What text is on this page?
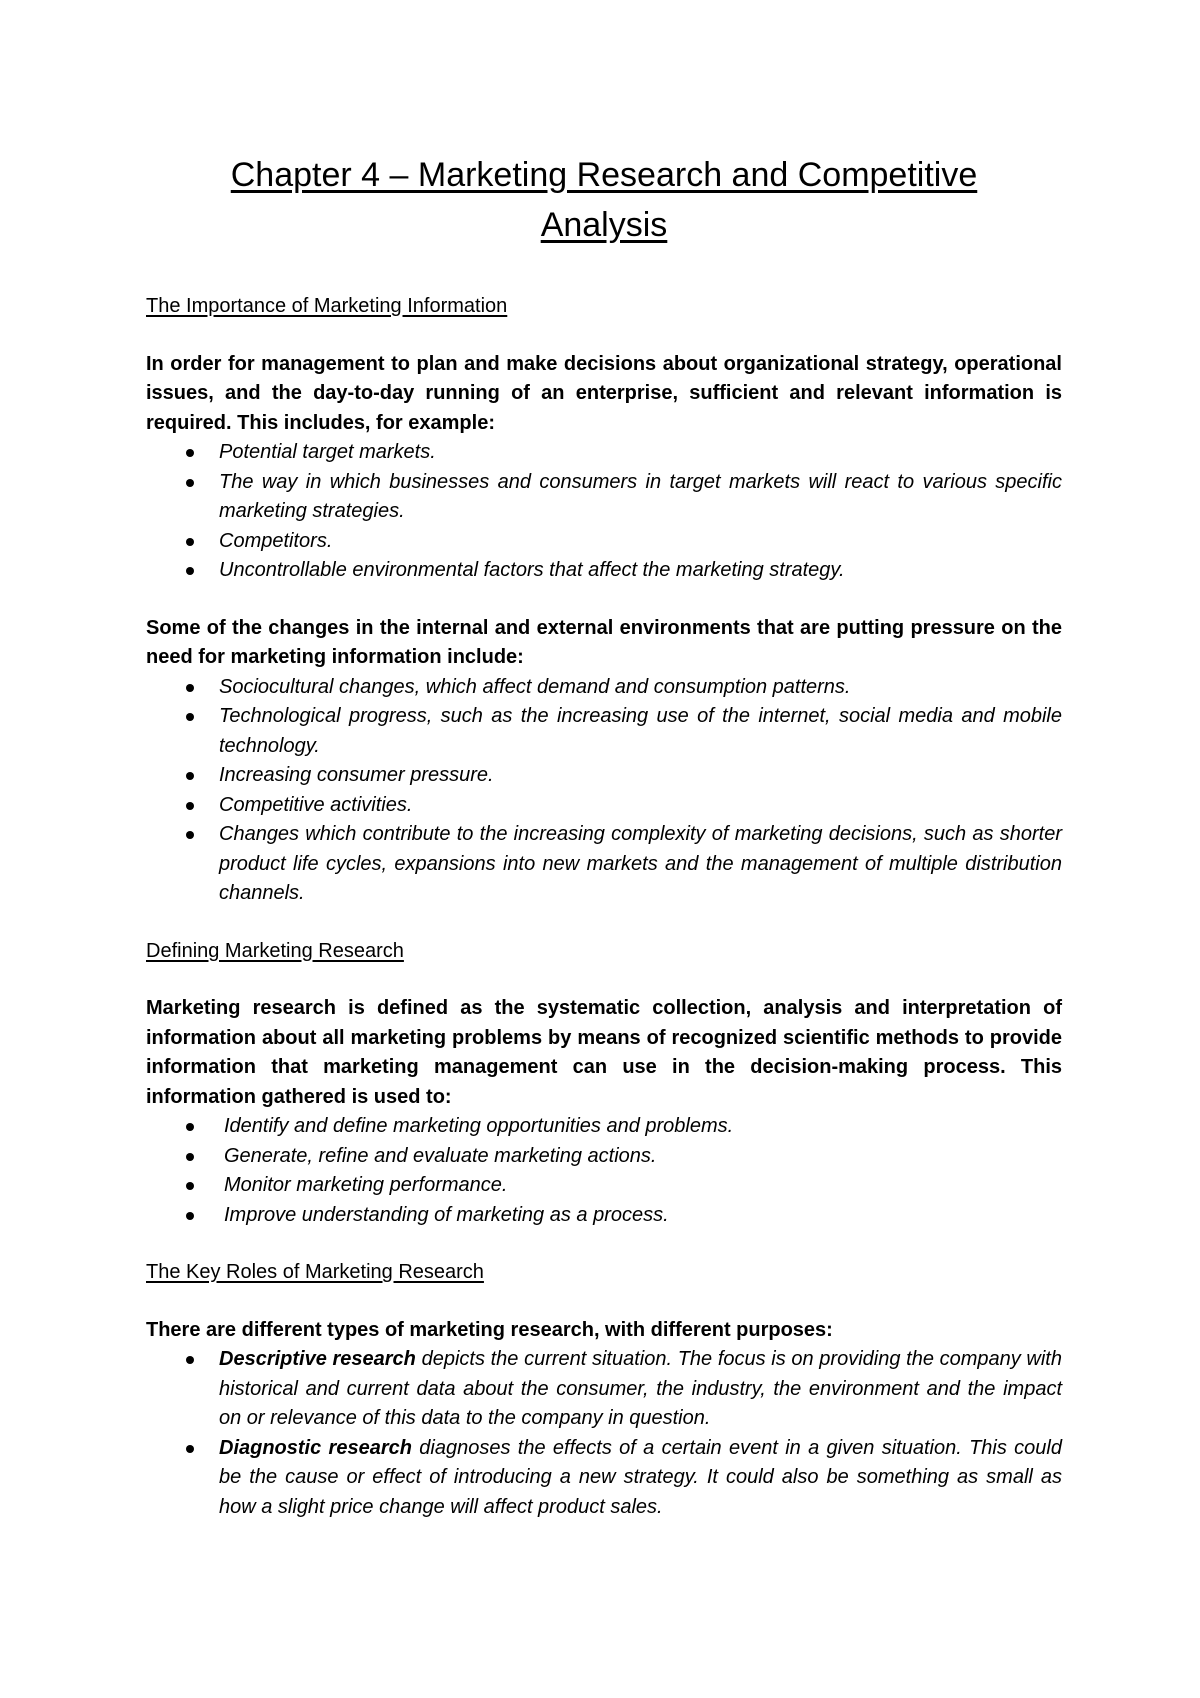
Chapter 4 – Marketing Research and Competitive
Analysis
The Importance of Marketing Information

In order for management to plan and make decisions about organizational strategy, operational issues, and the day-to-day running of an enterprise, sufficient and relevant information is required. This includes, for example:

Potential target markets.
The way in which businesses and consumers in target markets will react to various specific marketing strategies.
Competitors.
Uncontrollable environmental factors that affect the marketing strategy.

Some of the changes in the internal and external environments that are putting pressure on the need for marketing information include:

Sociocultural changes, which affect demand and consumption patterns.
Technological progress, such as the increasing use of the internet, social media and mobile technology.
Increasing consumer pressure.
Competitive activities.
Changes which contribute to the increasing complexity of marketing decisions, such as shorter product life cycles, expansions into new markets and the management of multiple distribution channels.
Defining Marketing Research

Marketing research is defined as the systematic collection, analysis and interpretation of information about all marketing problems by means of recognized scientific methods to provide information that marketing management can use in the decision-making process. This information gathered is used to:

Identify and define marketing opportunities and problems.
Generate, refine and evaluate marketing actions.
Monitor marketing performance.
Improve understanding of marketing as a process.
The Key Roles of Marketing Research

There are different types of marketing research, with different purposes:

Descriptive research depicts the current situation. The focus is on providing the company with historical and current data about the consumer, the industry, the environment and the impact on or relevance of this data to the company in question.
Diagnostic research diagnoses the effects of a certain event in a given situation. This could be the cause or effect of introducing a new strategy. It could also be something as small as how a slight price change will affect product sales.
